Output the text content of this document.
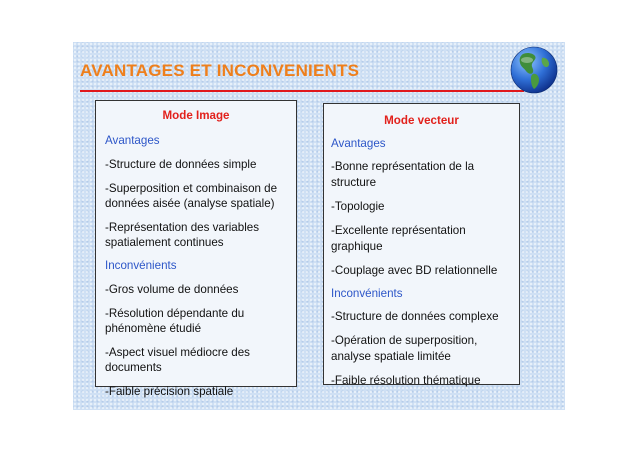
AVANTAGES ET INCONVENIENTS
Mode Image
Avantages
-Structure de données simple
-Superposition et combinaison de données aisée (analyse spatiale)
-Représentation des variables spatialement continues
Inconvénients
-Gros volume de données
-Résolution dépendante du phénomène étudié
-Aspect visuel médiocre des documents
-Faible précision spatiale
Mode vecteur
Avantages
-Bonne représentation de la structure
-Topologie
-Excellente représentation graphique
-Couplage avec BD relationnelle
Inconvénients
-Structure de données complexe
-Opération de superposition, analyse spatiale limitée
-Faible résolution thématique
